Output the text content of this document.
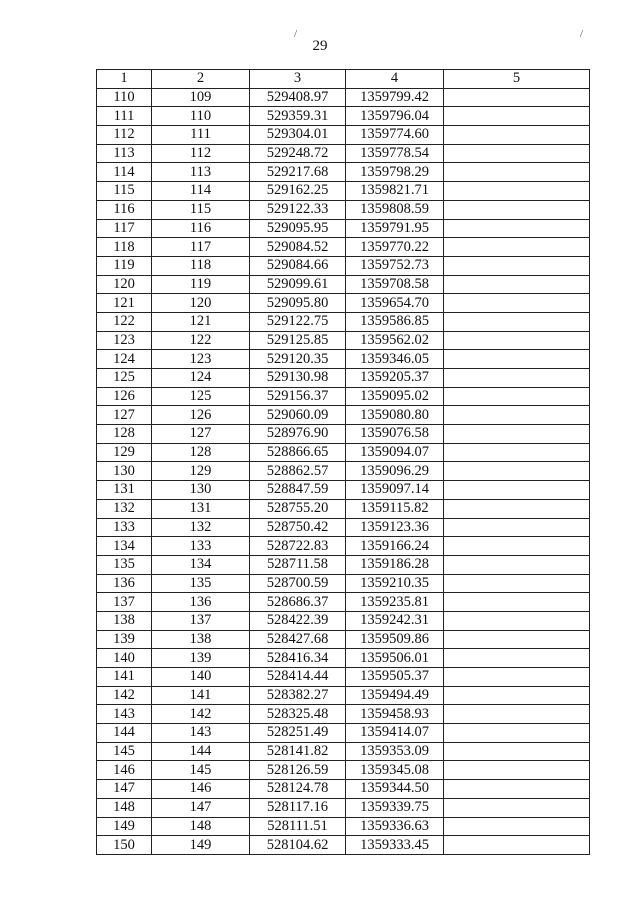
/	/
29
1	2	3	4	5
110	109	529408.97	1359799.42	
111	110	529359.31	1359796.04	
112	111	529304.01	1359774.60	
113	112	529248.72	1359778.54	
114	113	529217.68	1359798.29	
115	114	529162.25	1359821.71	
116	115	529122.33	1359808.59	
117	116	529095.95	1359791.95	
118	117	529084.52	1359770.22	
119	118	529084.66	1359752.73	
120	119	529099.61	1359708.58	
121	120	529095.80	1359654.70	
122	121	529122.75	1359586.85	
123	122	529125.85	1359562.02	
124	123	529120.35	1359346.05	
125	124	529130.98	1359205.37	
126	125	529156.37	1359095.02	
127	126	529060.09	1359080.80	
128	127	528976.90	1359076.58	
129	128	528866.65	1359094.07	
130	129	528862.57	1359096.29	
131	130	528847.59	1359097.14	
132	131	528755.20	1359115.82	
133	132	528750.42	1359123.36	
134	133	528722.83	1359166.24	
135	134	528711.58	1359186.28	
136	135	528700.59	1359210.35	
137	136	528686.37	1359235.81	
138	137	528422.39	1359242.31	
139	138	528427.68	1359509.86	
140	139	528416.34	1359506.01	
141	140	528414.44	1359505.37	
142	141	528382.27	1359494.49	
143	142	528325.48	1359458.93	
144	143	528251.49	1359414.07	
145	144	528141.82	1359353.09	
146	145	528126.59	1359345.08	
147	146	528124.78	1359344.50	
148	147	528117.16	1359339.75	
149	148	528111.51	1359336.63	
150	149	528104.62	1359333.45	
